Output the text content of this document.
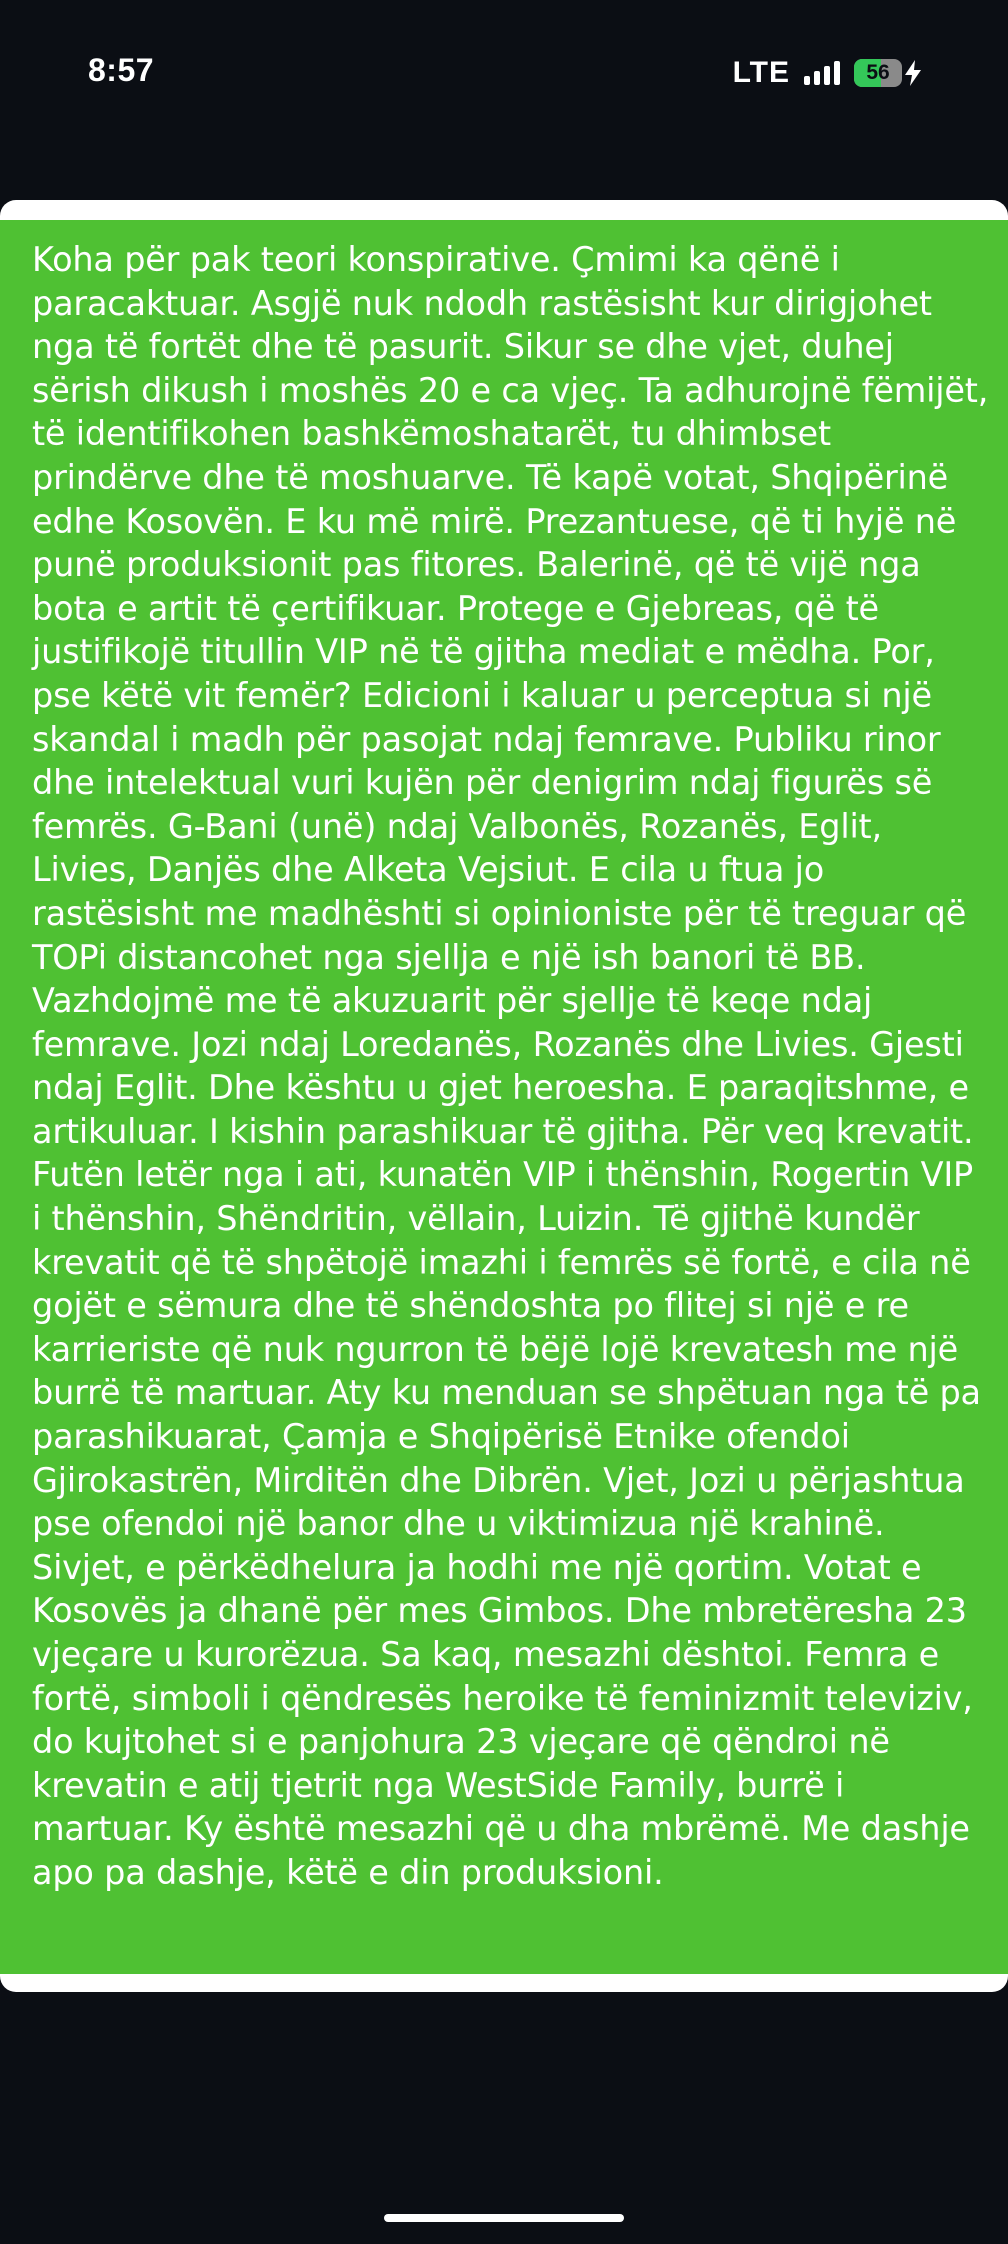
8:57	LTE	56

Koha për pak teori konspirative. Çmimi ka qënë i paracaktuar. Asgjë nuk ndodh rastësisht kur dirigjohet nga të fortët dhe të pasurit. Sikur se dhe vjet, duhej sërish dikush i moshës 20 e ca vjeç. Ta adhurojnë fëmijët, të identifikohen bashkëmoshatarët, tu dhimbset prindërve dhe të moshuarve. Të kapë votat, Shqipërinë edhe Kosovën. E ku më mirë. Prezantuese, që ti hyjë në punë produksionit pas fitores. Balerinë, që të vijë nga bota e artit të çertifikuar. Protege e Gjebreas, që të justifikojë titullin VIP në të gjitha mediat e mëdha. Por, pse këtë vit femër? Edicioni i kaluar u perceptua si një skandal i madh për pasojat ndaj femrave. Publiku rinor dhe intelektual vuri kujën për denigrim ndaj figurës së femrës. G-Bani (unë) ndaj Valbonës, Rozanës, Eglit, Livies, Danjës dhe Alketa Vejsiut. E cila u ftua jo rastësisht me madhështi si opinioniste për të treguar që TOPi distancohet nga sjellja e një ish banori të BB. Vazhdojmë me të akuzuarit për sjellje të keqe ndaj femrave. Jozi ndaj Loredanës, Rozanës dhe Livies. Gjesti ndaj Eglit. Dhe kështu u gjet heroesha. E paraqitshme, e artikuluar. I kishin parashikuar të gjitha. Për veq krevatit. Futën letër nga i ati, kunatën VIP i thënshin, Rogertin VIP i thënshin, Shëndritin, vëllain, Luizin. Të gjithë kundër krevatit që të shpëtojë imazhi i femrës së fortë, e cila në gojët e sëmura dhe të shëndoshta po flitej si një e re karrieriste që nuk ngurron të bëjë lojë krevatesh me një burrë të martuar. Aty ku menduan se shpëtuan nga të pa parashikuarat, Çamja e Shqipërisë Etnike ofendoi Gjirokastrën, Mirditën dhe Dibrën. Vjet, Jozi u përjashtua pse ofendoi një banor dhe u viktimizua një krahinë. Sivjet, e përkëdhelura ja hodhi me një qortim. Votat e Kosovës ja dhanë për mes Gimbos. Dhe mbretëresha 23 vjeçare u kurorëzua. Sa kaq, mesazhi dështoi. Femra e fortë, simboli i qëndresës heroike të feminizmit televiziv, do kujtohet si e panjohura 23 vjeçare që qëndroi në krevatin e atij tjetrit nga WestSide Family, burrë i martuar. Ky është mesazhi që u dha mbrëmë. Me dashje apo pa dashje, këtë e din produksioni.
